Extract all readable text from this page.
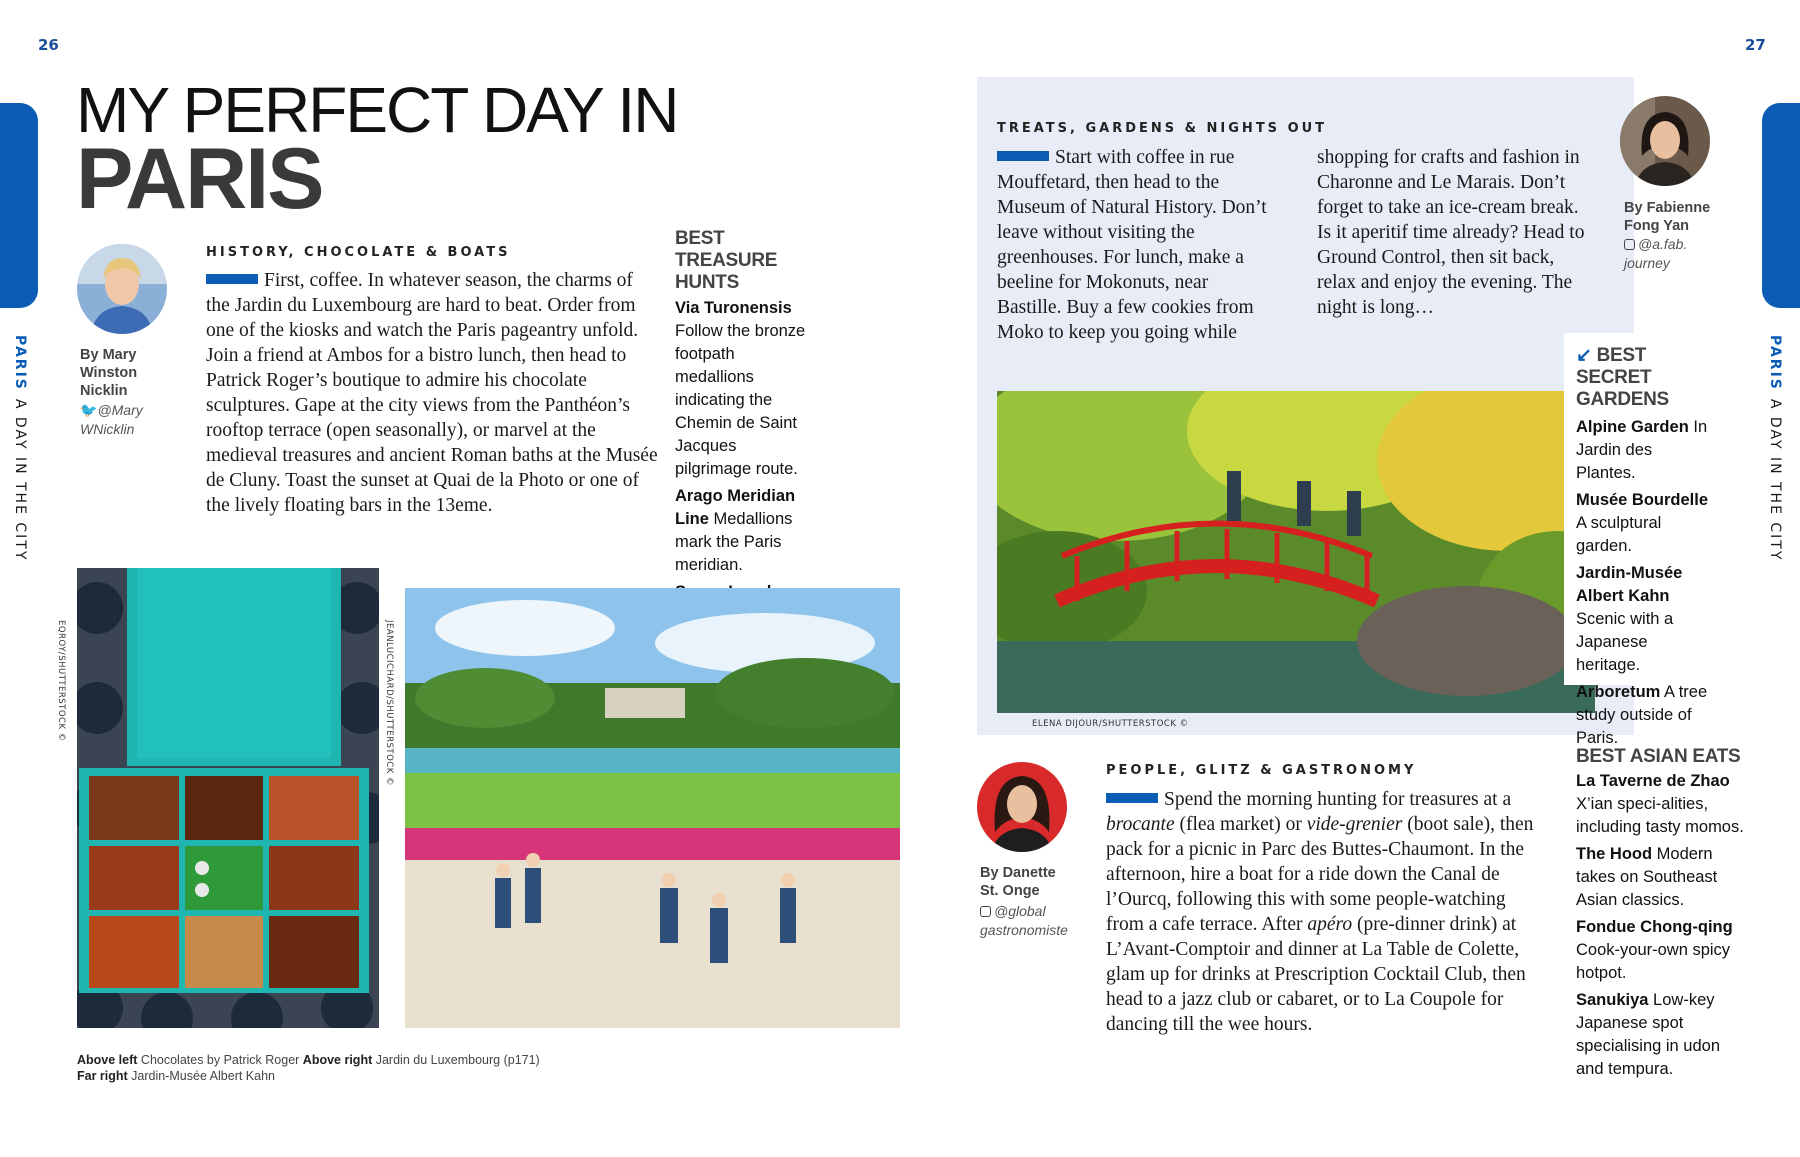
26	27
PARISA DAY IN THE CITY
PARISA DAY IN THE CITY
MY PERFECT DAY IN
PARIS
By Mary
Winston
Nicklin
🐦@Mary
WNicklin
HISTORY, CHOCOLATE & BOATS
First, coffee. In whatever season, the charms of the Jardin du Luxembourg are hard to beat. Order from one of the kiosks and watch the Paris pageantry unfold. Join a friend at Ambos for a bistro lunch, then head to Patrick Roger’s boutique to admire his chocolate sculptures. Gape at the city views from the Panthéon’s rooftop terrace (open seasonally), or marvel at the medieval treasures and ancient Roman baths at the Musée de Cluny. Toast the sunset at Quai de la Photo or one of the lively floating bars in the 13eme.
BEST TREASURE
HUNTS
Via Turonensis Follow the bronze footpath medallions indicating the Chemin de Saint Jacques pilgrimage route.
Arago Meridian Line Medallions mark the Paris meridian.
EQROY/SHUTTERSTOCK ©	JEANLUCICHARD/SHUTTERSTOCK ©
Above left Chocolates by Patrick Roger Above right Jardin du Luxembourg (p171)
Far right Jardin-Musée Albert Kahn
TREATS, GARDENS & NIGHTS OUT
Start with coffee in rue Mouffetard, then head to the Museum of Natural History. Don’t leave without visiting the greenhouses. For lunch, make a beeline for Mokonuts, near Bastille. Buy a few cookies from Moko to keep you going while shopping for crafts and fashion in Charonne and Le Marais. Don’t forget to take an ice-cream break. Is it aperitif time already? Head to Ground Control, then sit back, relax and enjoy the evening. The night is long…
By Fabienne
Fong Yan
@a.fab.
journey
ELENA DIJOUR/SHUTTERSTOCK ©
↙ BEST SECRET
GARDENS
Alpine Garden In Jardin des Plantes.
Musée Bourdelle A sculptural garden.
Jardin-Musée Albert Kahn Scenic with a Japanese heritage.
Arboretum A tree study outside of Paris.
By Danette
St. Onge
@global
gastronomiste
PEOPLE, GLITZ & GASTRONOMY
Spend the morning hunting for treasures at a brocante (flea market) or vide-grenier (boot sale), then pack for a picnic in Parc des Buttes-Chaumont. In the afternoon, hire a boat for a ride down the Canal de l’Ourcq, following this with some people-watching from a cafe terrace. After apéro (pre-dinner drink) at L’Avant-Comptoir and dinner at La Table de Colette, glam up for drinks at Prescription Cocktail Club, then head to a jazz club or cabaret, or to La Coupole for dancing till the wee hours.
BEST ASIAN EATS
La Taverne de Zhao X’ian speci-alities, including tasty momos.
The Hood Modern takes on Southeast Asian classics.
Fondue Chong-qing Cook-your-own spicy hotpot.
Sanukiya Low-key Japanese spot specialising in udon and tempura.
